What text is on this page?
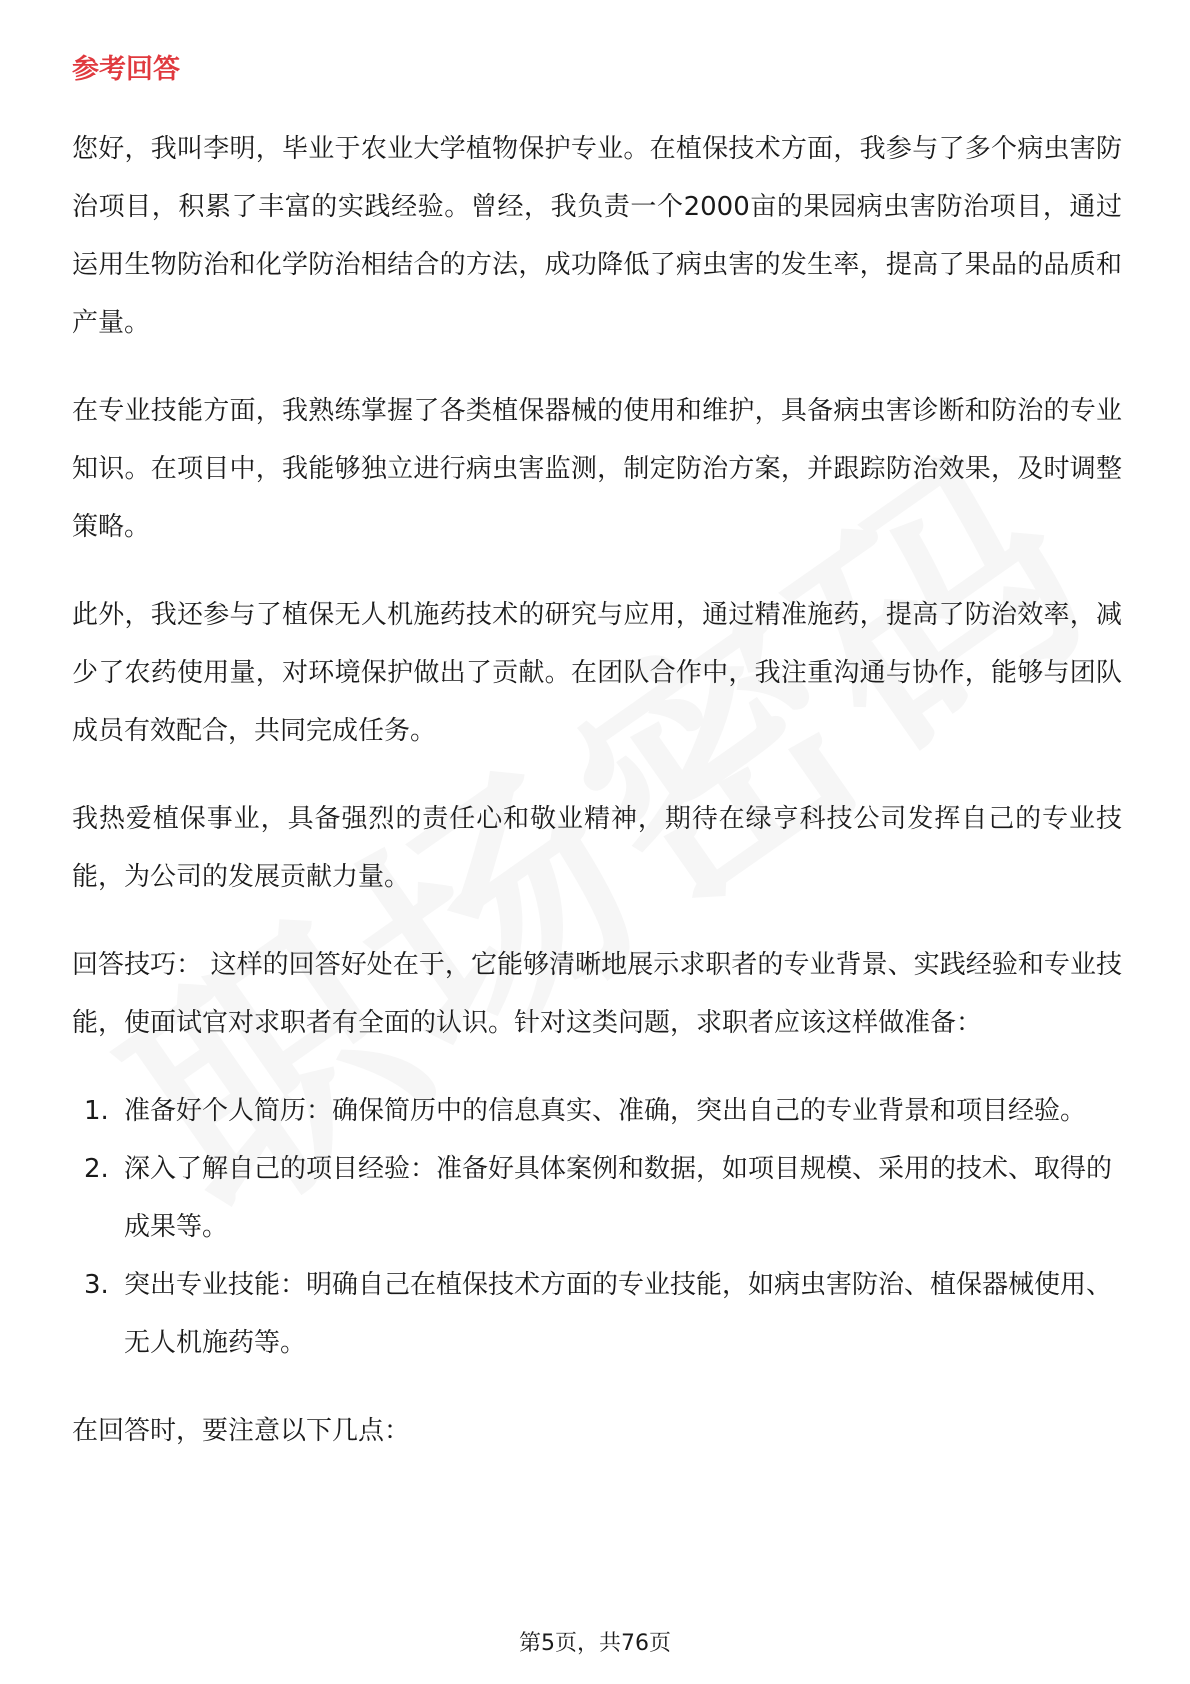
参考回答

您好，我叫李明，毕业于农业大学植物保护专业。在植保技术方面，我参与了多个病虫害防治项目，积累了丰富的实践经验。曾经，我负责一个2000亩的果园病虫害防治项目，通过运用生物防治和化学防治相结合的方法，成功降低了病虫害的发生率，提高了果品的品质和产量。

在专业技能方面，我熟练掌握了各类植保器械的使用和维护，具备病虫害诊断和防治的专业知识。在项目中，我能够独立进行病虫害监测，制定防治方案，并跟踪防治效果，及时调整策略。

此外，我还参与了植保无人机施药技术的研究与应用，通过精准施药，提高了防治效率，减少了农药使用量，对环境保护做出了贡献。在团队合作中，我注重沟通与协作，能够与团队成员有效配合，共同完成任务。

我热爱植保事业，具备强烈的责任心和敬业精神，期待在绿亨科技公司发挥自己的专业技能，为公司的发展贡献力量。

回答技巧： 这样的回答好处在于，它能够清晰地展示求职者的专业背景、实践经验和专业技能，使面试官对求职者有全面的认识。针对这类问题，求职者应该这样做准备：

1. 准备好个人简历：确保简历中的信息真实、准确，突出自己的专业背景和项目经验。
2. 深入了解自己的项目经验：准备好具体案例和数据，如项目规模、采用的技术、取得的成果等。
3. 突出专业技能：明确自己在植保技术方面的专业技能，如病虫害防治、植保器械使用、无人机施药等。

在回答时，要注意以下几点：

第5页，共76页
